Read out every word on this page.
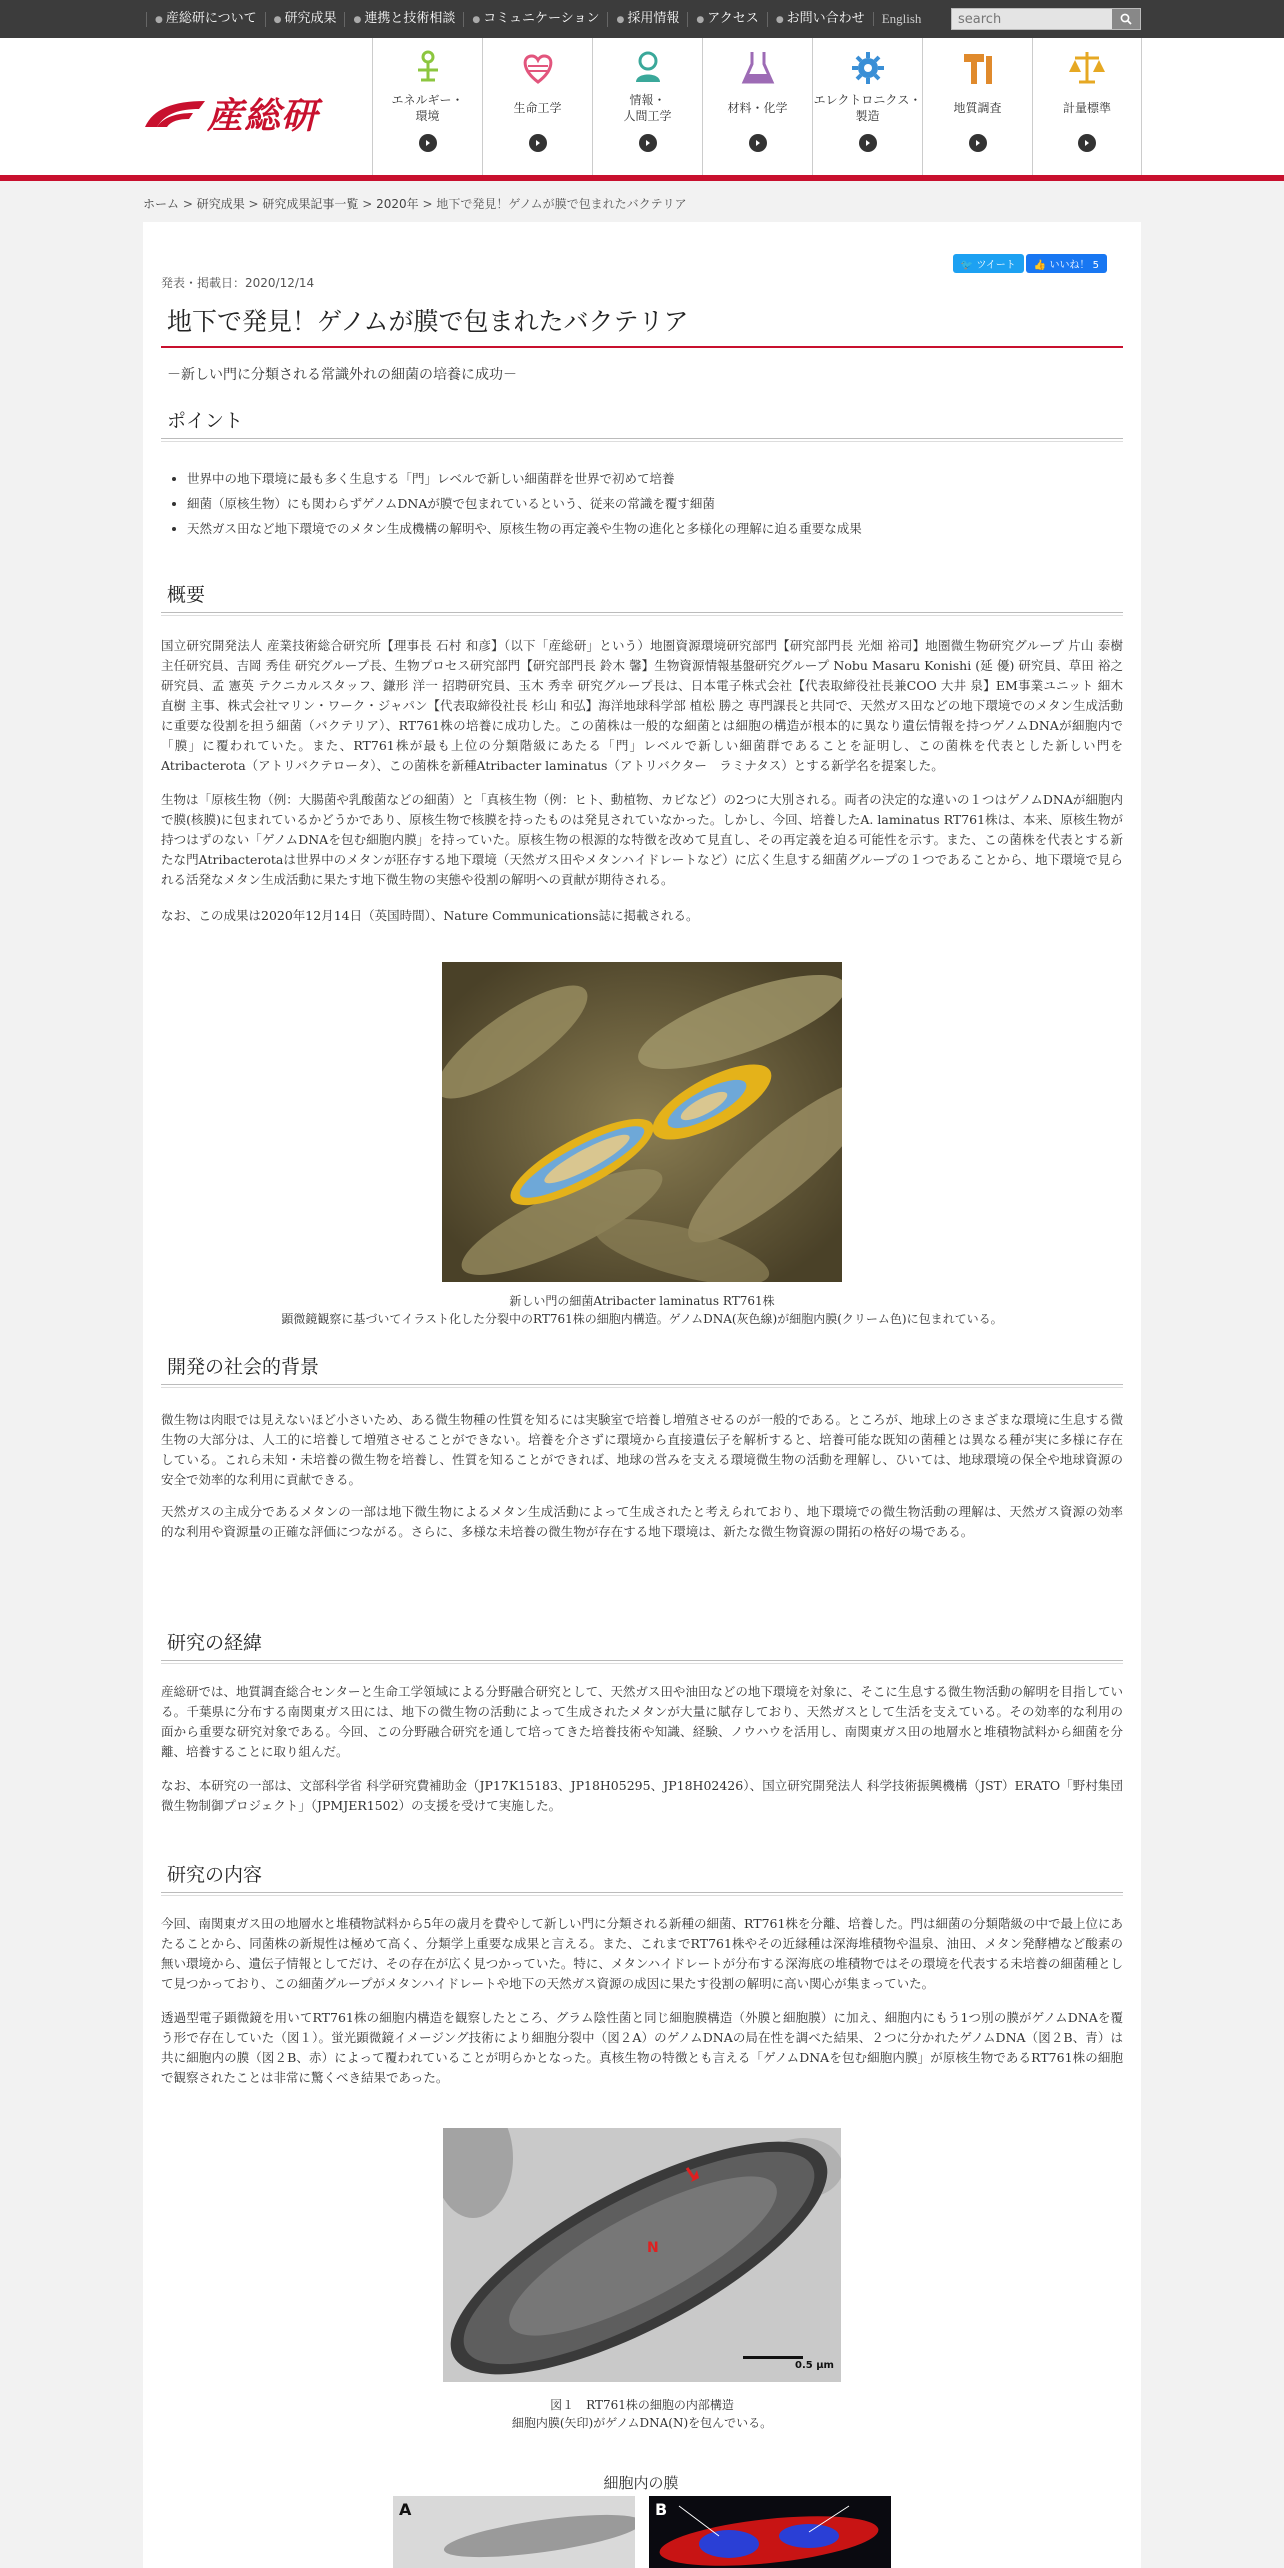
● 産総研について	● 研究成果	● 連携と技術相談	● コミュニケーション	● 採用情報	● アクセス	● お問い合わせ	English
search
産総研	エネルギー・
環境
生命工学
情報・
人間工学
材料・化学
エレクトロニクス・
製造
地質調査	計量標準
ホーム > 研究成果 > 研究成果記事一覧 > 2020年 > 地下で発見！ゲノムが膜で包まれたバクテリア
発表・掲載日：2020/12/14
🐦 ツイート	👍 いいね！ 5
地下で発見！ゲノムが膜で包まれたバクテリア
－新しい門に分類される常識外れの細菌の培養に成功－
ポイント
• 世界中の地下環境に最も多く生息する「門」レベルで新しい細菌群を世界で初めて培養
• 細菌（原核生物）にも関わらずゲノムDNAが膜で包まれているという、従来の常識を覆す細菌
• 天然ガス田など地下環境でのメタン生成機構の解明や、原核生物の再定義や生物の進化と多様化の理解に迫る重要な成果
概要

国立研究開発法人 産業技術総合研究所【理事長 石村 和彦】（以下「産総研」という）地圏資源環境研究部門【研究部門長 光畑 裕司】地圏微生物研究グループ 片山 泰樹 主任研究員、吉岡 秀佳 研究グループ長、生物プロセス研究部門【研究部門長 鈴木 馨】生物資源情報基盤研究グループ Nobu Masaru Konishi (延 優) 研究員、草田 裕之 研究員、孟 憲英 テクニカルスタッフ、鎌形 洋一 招聘研究員、玉木 秀幸 研究グループ長は、日本電子株式会社【代表取締役社長兼COO 大井 泉】EM事業ユニット 細木 直樹 主事、株式会社マリン・ワーク・ジャパン【代表取締役社長 杉山 和弘】海洋地球科学部 植松 勝之 専門課長と共同で、天然ガス田などの地下環境でのメタン生成活動に重要な役割を担う細菌（バクテリア）、RT761株の培養に成功した。この菌株は一般的な細菌とは細胞の構造が根本的に異なり遺伝情報を持つゲノムDNAが細胞内で「膜」に覆われていた。また、RT761株が最も上位の分類階級にあたる「門」レベルで新しい細菌群であることを証明し、この菌株を代表とした新しい門をAtribacterota（アトリバクテロータ）、この菌株を新種Atribacter laminatus（アトリバクター　ラミナタス）とする新学名を提案した。

生物は「原核生物（例：大腸菌や乳酸菌などの細菌）と「真核生物（例：ヒト、動植物、カビなど）の2つに大別される。両者の決定的な違いの１つはゲノムDNAが細胞内で膜(核膜)に包まれているかどうかであり、原核生物で核膜を持ったものは発見されていなかった。しかし、今回、培養したA. laminatus RT761株は、本来、原核生物が持つはずのない「ゲノムDNAを包む細胞内膜」を持っていた。原核生物の根源的な特徴を改めて見直し、その再定義を迫る可能性を示す。また、この菌株を代表とする新たな門Atribacterotaは世界中のメタンが胚存する地下環境（天然ガス田やメタンハイドレートなど）に広く生息する細菌グループの１つであることから、地下環境で見られる活発なメタン生成活動に果たす地下微生物の実態や役割の解明への貢献が期待される。

なお、この成果は2020年12月14日（英国時間）、Nature Communications誌に掲載される。

新しい門の細菌Atribacter laminatus RT761株
顕微鏡観察に基づいてイラスト化した分裂中のRT761株の細胞内構造。ゲノムDNA(灰色線)が細胞内膜(クリーム色)に包まれている。
開発の社会的背景

微生物は肉眼では見えないほど小さいため、ある微生物種の性質を知るには実験室で培養し増殖させるのが一般的である。ところが、地球上のさまざまな環境に生息する微生物の大部分は、人工的に培養して増殖させることができない。培養を介さずに環境から直接遺伝子を解析すると、培養可能な既知の菌種とは異なる種が実に多様に存在している。これら未知・未培養の微生物を培養し、性質を知ることができれば、地球の営みを支える環境微生物の活動を理解し、ひいては、地球環境の保全や地球資源の安全で効率的な利用に貢献できる。

天然ガスの主成分であるメタンの一部は地下微生物によるメタン生成活動によって生成されたと考えられており、地下環境での微生物活動の理解は、天然ガス資源の効率的な利用や資源量の正確な評価につながる。さらに、多様な未培養の微生物が存在する地下環境は、新たな微生物資源の開拓の格好の場である。

研究の経緯

産総研では、地質調査総合センターと生命工学領域による分野融合研究として、天然ガス田や油田などの地下環境を対象に、そこに生息する微生物活動の解明を目指している。千葉県に分布する南関東ガス田には、地下の微生物の活動によって生成されたメタンが大量に賦存しており、天然ガスとして生活を支えている。その効率的な利用の面から重要な研究対象である。今回、この分野融合研究を通して培ってきた培養技術や知識、経験、ノウハウを活用し、南関東ガス田の地層水と堆積物試料から細菌を分離、培養することに取り組んだ。

なお、本研究の一部は、文部科学省 科学研究費補助金（JP17K15183、JP18H05295、JP18H02426）、国立研究開発法人 科学技術振興機構（JST）ERATO「野村集団微生物制御プロジェクト」（JPMJER1502）の支援を受けて実施した。

研究の内容

今回、南関東ガス田の地層水と堆積物試料から5年の歳月を費やして新しい門に分類される新種の細菌、RT761株を分離、培養した。門は細菌の分類階級の中で最上位にあたることから、同菌株の新規性は極めて高く、分類学上重要な成果と言える。また、これまでRT761株やその近縁種は深海堆積物や温泉、油田、メタン発酵槽など酸素の無い環境から、遺伝子情報としてだけ、その存在が広く見つかっていた。特に、メタンハイドレートが分布する深海底の堆積物ではその環境を代表する未培養の細菌種として見つかっており、この細菌グループがメタンハイドレートや地下の天然ガス資源の成因に果たす役割の解明に高い関心が集まっていた。

透過型電子顕微鏡を用いてRT761株の細胞内構造を観察したところ、グラム陰性菌と同じ細胞膜構造（外膜と細胞膜）に加え、細胞内にもう1つ別の膜がゲノムDNAを覆う形で存在していた（図１）。蛍光顕微鏡イメージング技術により細胞分裂中（図２A）のゲノムDNAの局在性を調べた結果、２つに分かれたゲノムDNA（図２B、青）は共に細胞内の膜（図２B、赤）によって覆われていることが明らかとなった。真核生物の特徴とも言える「ゲノムDNAを包む細胞内膜」が原核生物であるRT761株の細胞で観察されたことは非常に驚くべき結果であった。

N
0.5 μm
図１　RT761株の細胞の内部構造
細胞内膜(矢印)がゲノムDNA(N)を包んでいる。
細胞内の膜
A	B
